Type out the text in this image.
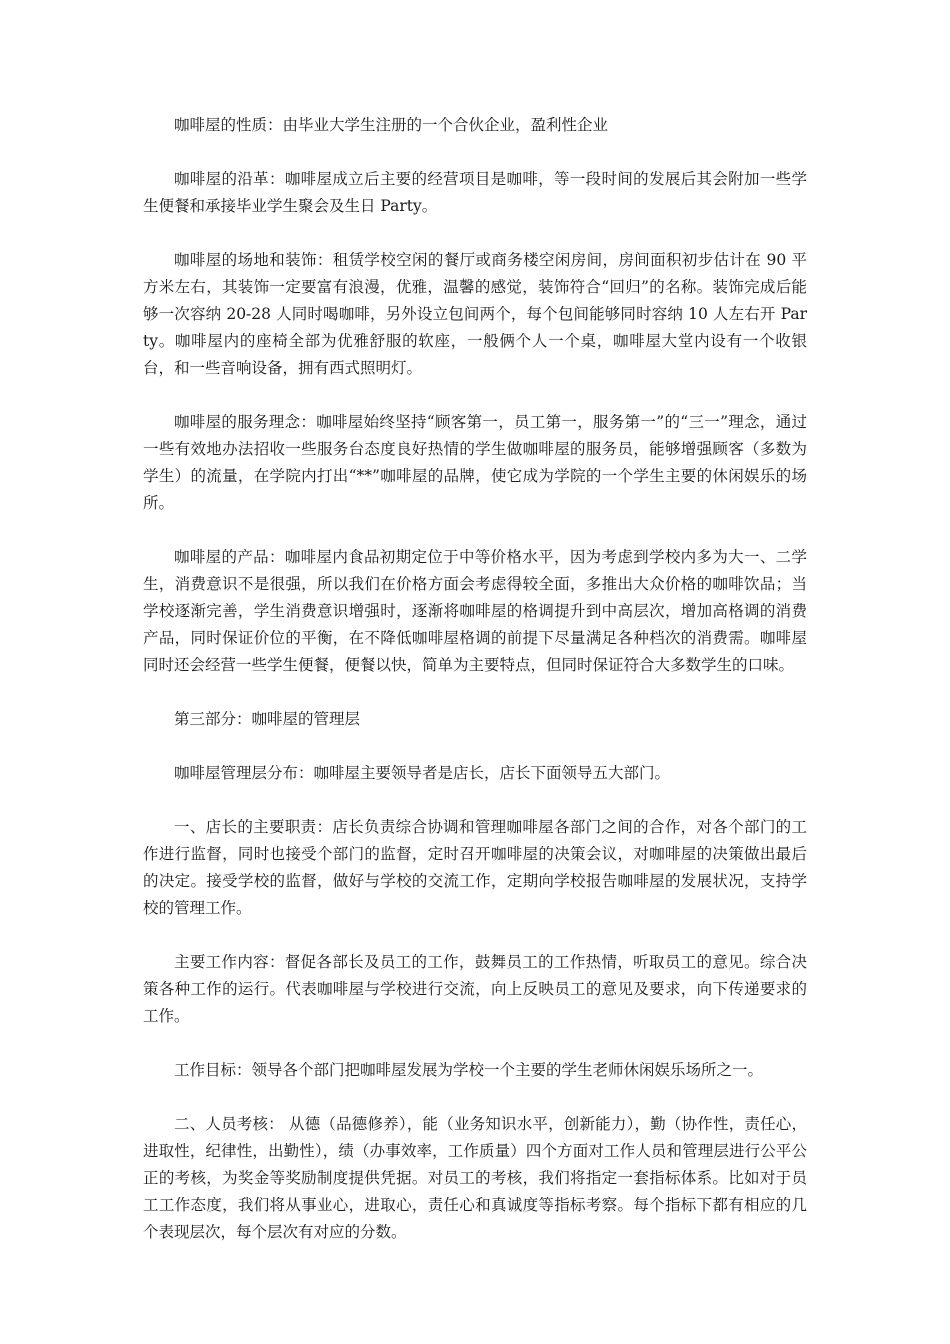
咖啡屋的性质：由毕业大学生注册的一个合伙企业，盈利性企业

咖啡屋的沿革：咖啡屋成立后主要的经营项目是咖啡，等一段时间的发展后其会附加一些学生便餐和承接毕业学生聚会及生日 Party。

咖啡屋的场地和装饰：租赁学校空闲的餐厅或商务楼空闲房间，房间面积初步估计在 90 平方米左右，其装饰一定要富有浪漫，优雅，温馨的感觉，装饰符合“回归”的名称。装饰完成后能够一次容纳 20-28 人同时喝咖啡，另外设立包间两个，每个包间能够同时容纳 10 人左右开 Party。咖啡屋内的座椅全部为优雅舒服的软座，一般俩个人一个桌，咖啡屋大堂内设有一个收银台，和一些音响设备，拥有西式照明灯。

咖啡屋的服务理念：咖啡屋始终坚持“顾客第一，员工第一，服务第一”的“三一”理念，通过一些有效地办法招收一些服务台态度良好热情的学生做咖啡屋的服务员，能够增强顾客（多数为学生）的流量，在学院内打出“**”咖啡屋的品牌，使它成为学院的一个学生主要的休闲娱乐的场所。

咖啡屋的产品：咖啡屋内食品初期定位于中等价格水平，因为考虑到学校内多为大一、二学生，消费意识不是很强，所以我们在价格方面会考虑得较全面，多推出大众价格的咖啡饮品；当学校逐渐完善，学生消费意识增强时，逐渐将咖啡屋的格调提升到中高层次，增加高格调的消费产品，同时保证价位的平衡，在不降低咖啡屋格调的前提下尽量满足各种档次的消费需。咖啡屋同时还会经营一些学生便餐，便餐以快，简单为主要特点，但同时保证符合大多数学生的口味。

第三部分：咖啡屋的管理层

咖啡屋管理层分布：咖啡屋主要领导者是店长，店长下面领导五大部门。

一、店长的主要职责：店长负责综合协调和管理咖啡屋各部门之间的合作，对各个部门的工作进行监督，同时也接受个部门的监督，定时召开咖啡屋的决策会议，对咖啡屋的决策做出最后的决定。接受学校的监督，做好与学校的交流工作，定期向学校报告咖啡屋的发展状况，支持学校的管理工作。

主要工作内容：督促各部长及员工的工作，鼓舞员工的工作热情，听取员工的意见。综合决策各种工作的运行。代表咖啡屋与学校进行交流，向上反映员工的意见及要求，向下传递要求的工作。

工作目标：领导各个部门把咖啡屋发展为学校一个主要的学生老师休闲娱乐场所之一。

二、人员考核： 从德（品德修养），能（业务知识水平，创新能力），勤（协作性，责任心，进取性，纪律性，出勤性），绩（办事效率，工作质量）四个方面对工作人员和管理层进行公平公正的考核，为奖金等奖励制度提供凭据。对员工的考核，我们将指定一套指标体系。比如对于员工工作态度，我们将从事业心，进取心，责任心和真诚度等指标考察。每个指标下都有相应的几个表现层次，每个层次有对应的分数。
